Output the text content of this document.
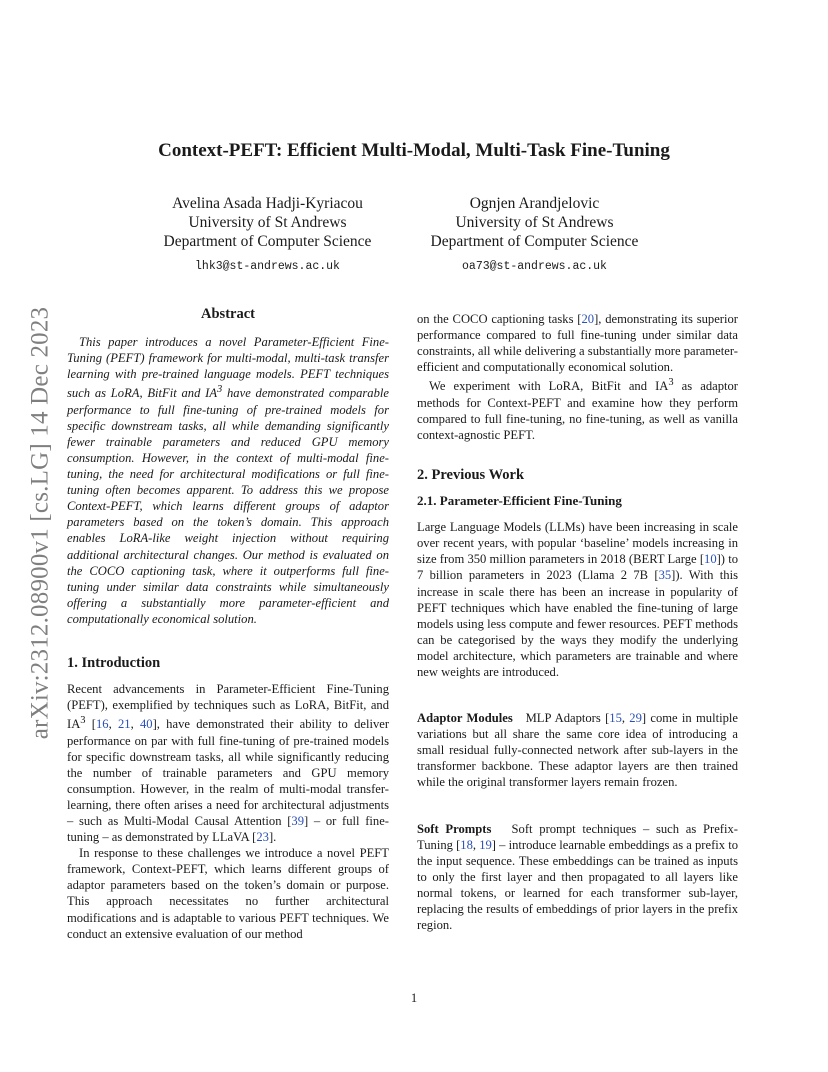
arXiv:2312.08900v1 [cs.LG] 14 Dec 2023
Context-PEFT: Efficient Multi-Modal, Multi-Task Fine-Tuning
Avelina Asada Hadji-Kyriacou
University of St Andrews
Department of Computer Science
lhk3@st-andrews.ac.uk
Ognjen Arandjelovic
University of St Andrews
Department of Computer Science
oa73@st-andrews.ac.uk
Abstract

This paper introduces a novel Parameter-Efficient Fine-Tuning (PEFT) framework for multi-modal, multi-task transfer learning with pre-trained language models. PEFT techniques such as LoRA, BitFit and $IA^3$ have demonstrated comparable performance to full fine-tuning of pre-trained models for specific downstream tasks, all while demanding significantly fewer trainable parameters and reduced GPU memory consumption. However, in the context of multi-modal fine-tuning, the need for architectural modifications or full fine-tuning often becomes apparent. To address this we propose Context-PEFT, which learns different groups of adaptor parameters based on the token’s domain. This approach enables LoRA-like weight injection without requiring additional architectural changes. Our method is evaluated on the COCO captioning task, where it outperforms full fine-tuning under similar data constraints while simultaneously offering a substantially more parameter-efficient and computationally economical solution.

1. Introduction

Recent advancements in Parameter-Efficient Fine-Tuning (PEFT), exemplified by techniques such as LoRA, BitFit, and $IA^3$ [16, 21, 40], have demonstrated their ability to deliver performance on par with full fine-tuning of pre-trained models for specific downstream tasks, all while significantly reducing the number of trainable parameters and GPU memory consumption. However, in the realm of multi-modal transfer-learning, there often arises a need for architectural adjustments – such as Multi-Modal Causal Attention [39] – or full fine-tuning – as demonstrated by LLaVA [23].

In response to these challenges we introduce a novel PEFT framework, Context-PEFT, which learns different groups of adaptor parameters based on the token’s domain or purpose. This approach necessitates no further architectural modifications and is adaptable to various PEFT techniques. We conduct an extensive evaluation of our method

on the COCO captioning tasks [20], demonstrating its superior performance compared to full fine-tuning under similar data constraints, all while delivering a substantially more parameter-efficient and computationally economical solution.

We experiment with LoRA, BitFit and $IA^3$ as adaptor methods for Context-PEFT and examine how they perform compared to full fine-tuning, no fine-tuning, as well as vanilla context-agnostic PEFT.

2. Previous Work
2.1. Parameter-Efficient Fine-Tuning

Large Language Models (LLMs) have been increasing in scale over recent years, with popular ‘baseline’ models increasing in size from 350 million parameters in 2018 (BERT Large [10]) to 7 billion parameters in 2023 (Llama 2 7B [35]). With this increase in scale there has been an increase in popularity of PEFT techniques which have enabled the fine-tuning of large models using less compute and fewer resources. PEFT methods can be categorised by the ways they modify the underlying model architecture, which parameters are trainable and where new weights are introduced.

Adaptor Modules MLP Adaptors [15, 29] come in multiple variations but all share the same core idea of introducing a small residual fully-connected network after sub-layers in the transformer backbone. These adaptor layers are then trained while the original transformer layers remain frozen.

Soft Prompts Soft prompt techniques – such as Prefix-Tuning [18, 19] – introduce learnable embeddings as a prefix to the input sequence. These embeddings can be trained as inputs to only the first layer and then propagated to all layers like normal tokens, or learned for each transformer sub-layer, replacing the results of embeddings of prior layers in the prefix region.

1
